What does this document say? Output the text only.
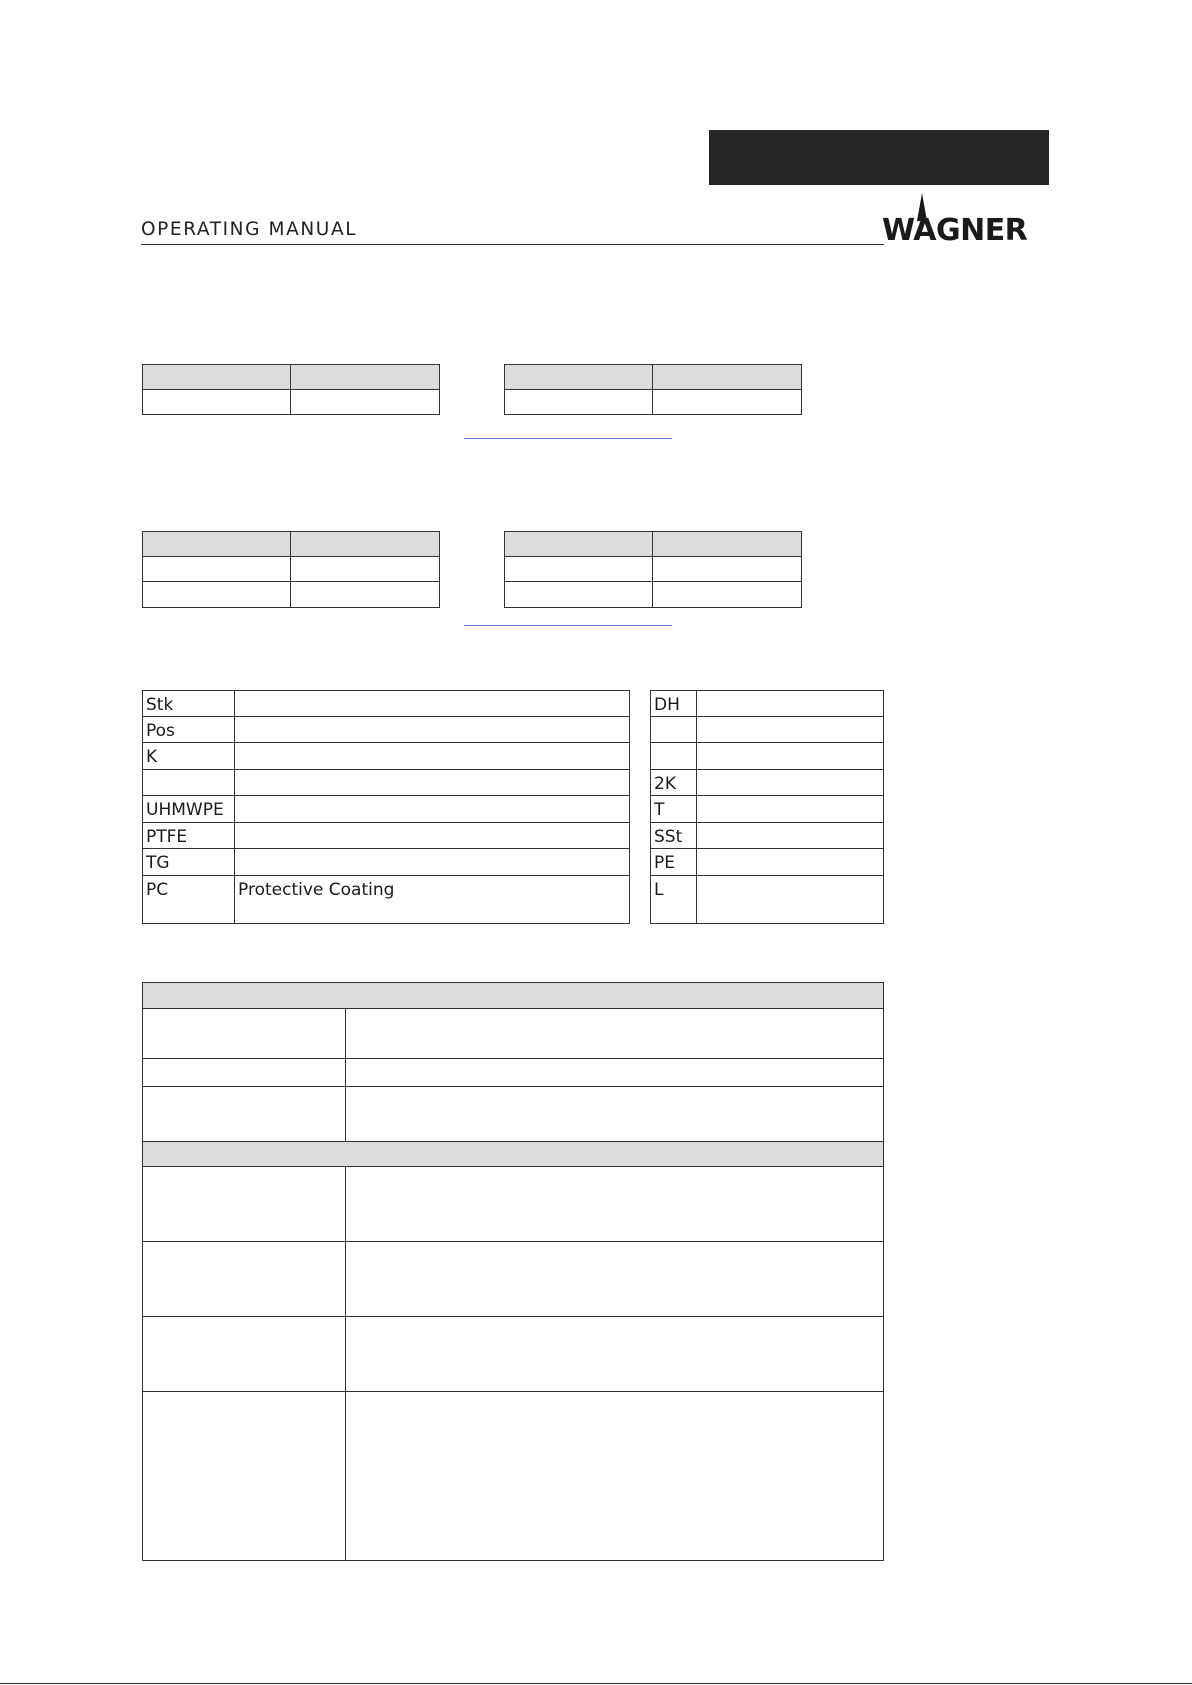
OPERATING MANUAL	WAGNER
Stk
Pos
K
UHMWPE
PTFE
TG
PC	Protective Coating
DH
2K
T
SSt
PE
L
